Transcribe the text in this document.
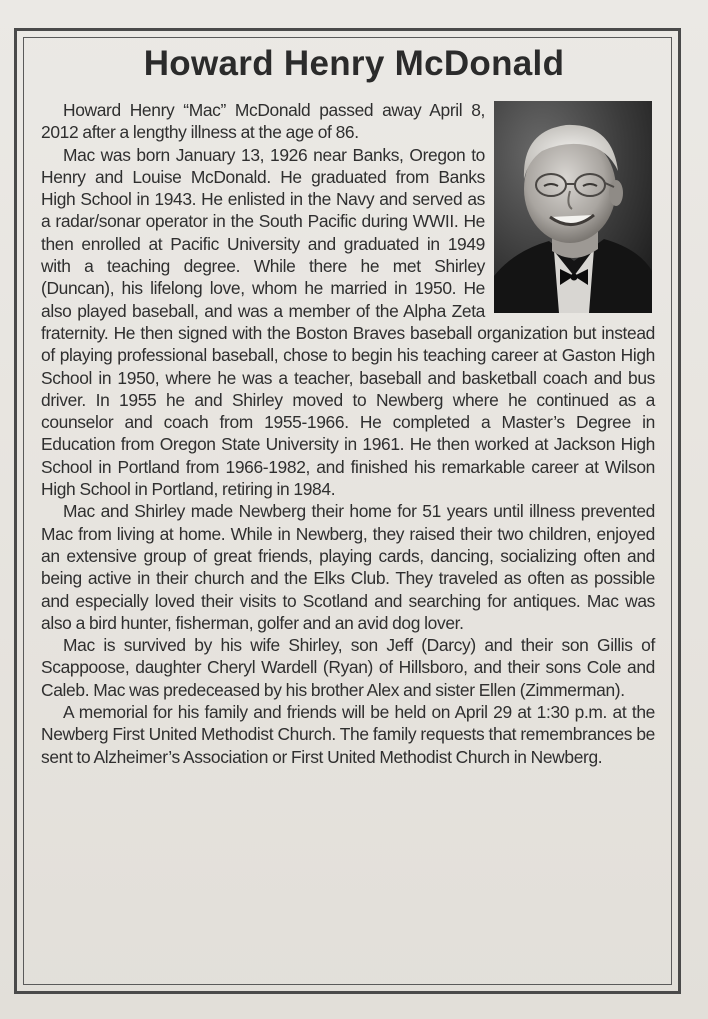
Howard Henry McDonald

Howard Henry “Mac” McDonald passed away April 8, 2012 after a lengthy illness at the age of 86.

Mac was born January 13, 1926 near Banks, Oregon to Henry and Louise McDonald. He graduated from Banks High School in 1943. He enlisted in the Navy and served as a radar/sonar operator in the South Pacific during WWII. He then enrolled at Pacific University and graduated in 1949 with a teaching degree. While there he met Shirley (Duncan), his lifelong love, whom he married in 1950. He also played baseball, and was a member of the Alpha Zeta fraternity. He then signed with the Boston Braves baseball organization but instead of playing professional baseball, chose to begin his teaching career at Gaston High School in 1950, where he was a teacher, baseball and basketball coach and bus driver. In 1955 he and Shirley moved to Newberg where he continued as a counselor and coach from 1955-1966. He completed a Master’s Degree in Education from Oregon State University in 1961. He then worked at Jackson High School in Portland from 1966-1982, and finished his remarkable career at Wilson High School in Portland, retiring in 1984.

Mac and Shirley made Newberg their home for 51 years until illness prevented Mac from living at home. While in Newberg, they raised their two children, enjoyed an extensive group of great friends, playing cards, dancing, socializing often and being active in their church and the Elks Club. They traveled as often as possible and especially loved their visits to Scotland and searching for antiques. Mac was also a bird hunter, fisherman, golfer and an avid dog lover.

Mac is survived by his wife Shirley, son Jeff (Darcy) and their son Gillis of Scappoose, daughter Cheryl Wardell (Ryan) of Hillsboro, and their sons Cole and Caleb. Mac was predeceased by his brother Alex and sister Ellen (Zimmerman).

A memorial for his family and friends will be held on April 29 at 1:30 p.m. at the Newberg First United Methodist Church. The family requests that remembrances be sent to Alzheimer’s Association or First United Methodist Church in Newberg.
